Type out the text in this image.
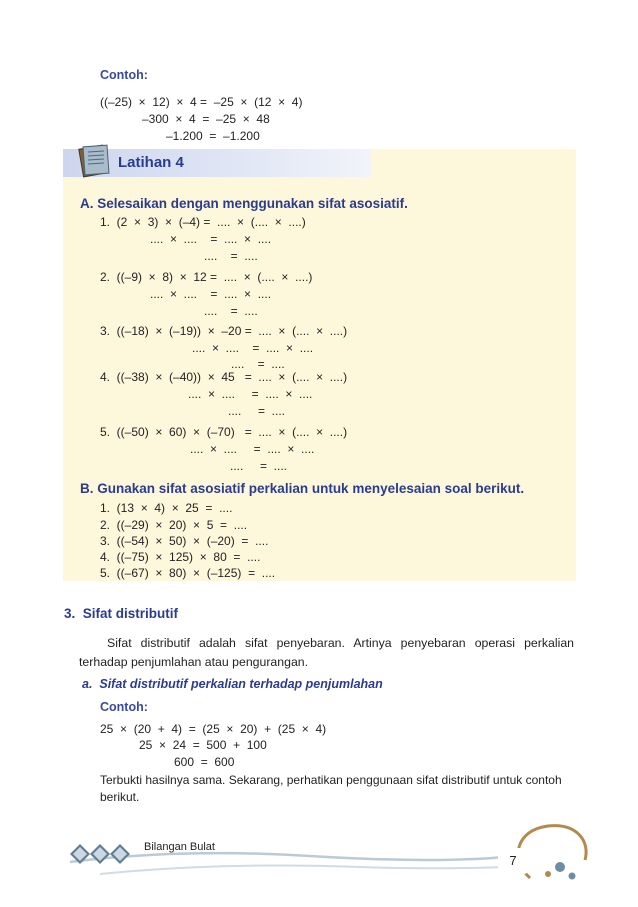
Contoh:
((–25)  ×  12)  ×  4 =  –25  ×  (12  ×  4)
–300  ×  4  =  –25  ×  48
–1.200  =  –1.200
Latihan 4
A. Selesaikan dengan menggunakan sifat asosiatif.
1.  (2  ×  3)  ×  (–4) =  ....  ×  (....  ×  ....)
....  ×  ....    =  ....  ×  ....
....    =  ....
2.  ((–9)  ×  8)  ×  12 =  ....  ×  (....  ×  ....)
....  ×  ....    =  ....  ×  ....
....    =  ....
3.  ((–18)  ×  (–19))  ×  –20 =  ....  ×  (....  ×  ....)
....  ×  ....    =  ....  ×  ....
....    =  ....
4.  ((–38)  ×  (–40))  ×  45   =  ....  ×  (....  ×  ....)
....  ×  ....     =  ....  ×  ....
....     =  ....
5.  ((–50)  ×  60)  ×  (–70)   =  ....  ×  (....  ×  ....)
....  ×  ....     =  ....  ×  ....
....     =  ....
B. Gunakan sifat asosiatif perkalian untuk menyelesaian soal berikut.
1.  (13  ×  4)  ×  25  =  ....
2.  ((–29)  ×  20)  ×  5  =  ....
3.  ((–54)  ×  50)  ×  (–20)  =  ....
4.  ((–75)  ×  125)  ×  80  =  ....
5.  ((–67)  ×  80)  ×  (–125)  =  ....
3.  Sifat distributif
Sifat distributif adalah sifat penyebaran. Artinya penyebaran operasi perkalian terhadap penjumlahan atau pengurangan.
a.  Sifat distributif perkalian terhadap penjumlahan
Contoh:
25  ×  (20  +  4)  =  (25  ×  20)  +  (25  ×  4)
25  ×  24  =  500  +  100
600  =  600
Terbukti hasilnya sama. Sekarang, perhatikan penggunaan sifat distributif untuk contoh berikut.
Bilangan Bulat
7
